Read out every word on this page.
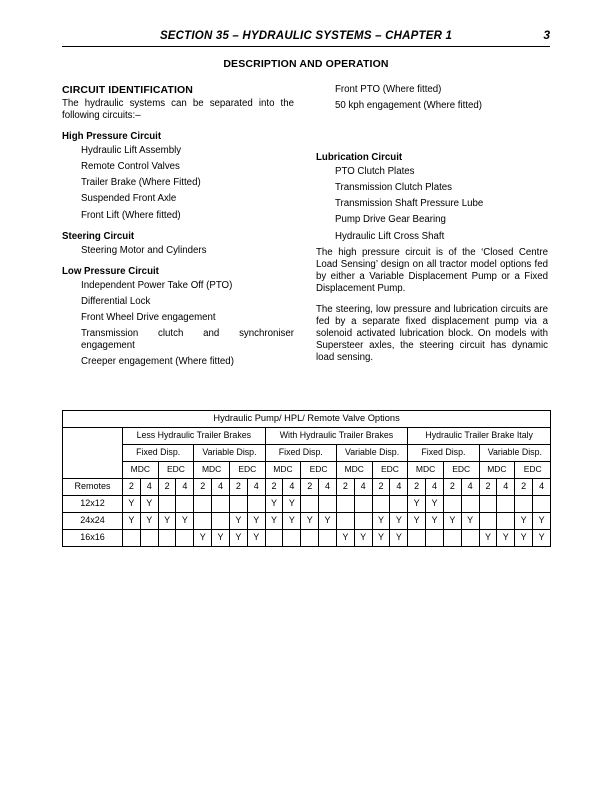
SECTION 35 – HYDRAULIC SYSTEMS – CHAPTER 1	3
DESCRIPTION AND OPERATION
CIRCUIT IDENTIFICATION

The hydraulic systems can be separated into the following circuits:–

High Pressure Circuit
Hydraulic Lift Assembly
Remote Control Valves
Trailer Brake (Where Fitted)
Suspended Front Axle
Front Lift (Where fitted)
Steering Circuit
Steering Motor and Cylinders
Low Pressure Circuit
Independent Power Take Off (PTO)
Differential Lock
Front Wheel Drive engagement
Transmission clutch and synchroniser engagement
Creeper engagement (Where fitted)
Front PTO (Where fitted)
50 kph engagement (Where fitted)
Lubrication Circuit
PTO Clutch Plates
Transmission Clutch Plates
Transmission Shaft Pressure Lube
Pump Drive Gear Bearing
Hydraulic Lift Cross Shaft

The high pressure circuit is of the ‘Closed Centre Load Sensing’ design on all tractor model options fed by either a Variable Displacement Pump or a Fixed Displacement Pump.

The steering, low pressure and lubrication circuits are fed by a separate fixed displacement pump via a solenoid activated lubrication block. On models with Supersteer axles, the steering circuit has dynamic load sensing.

Hydraulic Pump/ HPL/ Remote Valve Options																								
	Less Hydraulic Trailer Brakes								With Hydraulic Trailer Brakes								Hydraulic Trailer Brake Italy							
	Fixed Disp.				Variable Disp.				Fixed Disp.				Variable Disp.				Fixed Disp.				Variable Disp.			
	MDC		EDC		MDC		EDC		MDC		EDC		MDC		EDC		MDC		EDC		MDC		EDC	
Remotes	2	4	2	4	2	4	2	4	2	4	2	4	2	4	2	4	2	4	2	4	2	4	2	4
12x12	Y	Y							Y	Y							Y	Y						
24x24	Y	Y	Y	Y			Y	Y	Y	Y	Y	Y			Y	Y	Y	Y	Y	Y			Y	Y
16x16					Y	Y	Y	Y					Y	Y	Y	Y					Y	Y	Y	Y
